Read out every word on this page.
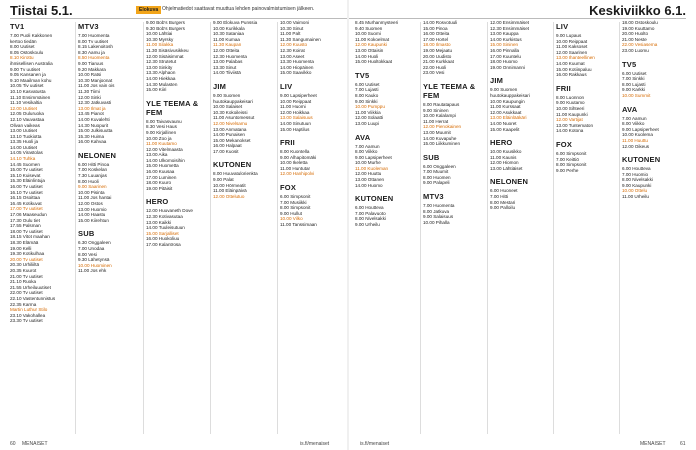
Tiistai 5.1.	Elokuva Ohjelmatiedot saattavat muuttua lehden painovalmistumisen jälkeen.	Keskiviikko 6.1.
TV1
7.00 Puoli Kakkonen
kertoo tiedän
8.00 Uutiset
8.05 Ostoskoulu
8.10 Kirottu
ihmisellisen Australia
9.00 Tv uutiset
9.05 Kansanen ja
9.10 Maailman kohu
10.05 Tiv uutiset
10.10 Kasvatusta
11.10 Ensimmäinen
11.10 Vesikaltia
12.00 Uutiset
12.05 Ouluruoka
12.10 Vauvastaa
Olivan vaikeas
13.00 Uutiset
13.10 Tuokiotta
13.35 Huoli ja
14.00 Uutiset
14.05 Virastolas
14.10 Tuhka
14.45 Suomen
15.00 Tv uutiset
15.10 Kuisevat
15.30 Eläinlintuja
16.00 Tv uutiset
16.10 Tv uutiset
16.15 Osoittaa
16.45 Kotikuvat
17.00 Tv uutiset
17.06 Maaseudun
17.30 Oulu tiet
17.55 Palsman
18.00 Tv uutiset
18.15 Vitot maahan
18.30 Elämää
19.00 Kelli
19.30 Kotikulhaa
20.00 Tv uutiset
20.30 Urhiliiltä
20.35 Kuurot
21.00 Tv uutiset
21.10 Ruoka
21.55 Urheiluuutiset
22.00 Tv uutiset
22.10 Vastentunnistus
22.35 Karma
Martin Luthur Stilo
23.10 Vakohallea
23.30 Tv uutiset
MTV3
7.00 Huomenta
8.00 Tv uutiset
8.15 Lakenoitosh
8.30 Aamu ja
8.50 Huomenta
9.00 Tiaruus
9.20 Makkara
10.00 Ratsi
10.30 Manjoonat
11.00 Jos vain ois
11.30 Tiimi
12.00 Sinki
12.30 Jatkuvasti
13.00 Ilmat ja
13.45 Pianot
14.00 Kuvalehti
14.30 Nuopurit
15.00 Julkisuutta
15.30 Huima
16.00 Kahvaa
NELONEN
6.00 Hitti Pinoa
7.00 Koskelan
7.30 Luuanjas
8.00 Huoli
9.00 Saarinen
10.00 Pisinta
11.00 Jos hantai
12.00 Ostos
13.00 Huomio
14.00 Haastu
15.00 Kiirehtun
SUB
6.30 Onggaleen
7.00 Unodaa
8.00 Vesi
9.30 Lähetynsä
10.00 Huominen
11.00 Jos ehk
9.00 Bob's Burgers
9.30 Bob's Burgers
10.00 Lähtiai
10.30 Myrsky
11.00 Silakka
11.30 Sisäsivusikkeu
12.00 Sisäisimmat
12.30 Strutetut
13.00 Sinkity
13.30 Alphaon
14.00 Hiekkaa
14.30 Mulasten
15.00 Kiiri
YLE TEEMA & FEM
8.00 Taivasvaunu
8.30 Vesi Haus
9.00 Kirjallinen
10.00 Zoo ja
11.00 Kuutamo
12.00 Vitelmaasta
13.00 Aika
14.00 Ulkomoisihin
15.00 Huometta
16.00 Kuusaa
17.00 Luminen
18.00 Kuuro
19.00 Pitäisit
HERO
12.00 Huuvaneth Dove
12.30 Kotivasutaa
13.00 Kaikki
14.00 Tuuleisutuun
15.00 Sarjalliset
16.00 Huokoliuu
17.00 Kalantrosa
9.00 Elokuva Punssia
10.00 Kurikkala
10.30 Sataniaa
11.00 Kumaa
11.30 Kaupan
12.00 Otteita
12.30 Huomenta
13.00 Palabas
13.30 Sinut
14.00 Tiiviistä
JIM
9.00 Suomen huutokauppakeisari
10.00 Salaiset
10.30 Kokoileissi
11.00 Asuntomessut
12.00 Nivelsamu
13.00 Anmatana
14.00 Punaisen
15.00 Mekanokset
16.00 Halpaat
17.00 Kuosit
KUTONEN
8.00 Huuvatulorienkta
9.00 Palat
10.00 Hörmeatit
11.00 Eläinpäivä
12.00 Ottelutuo
10.00 Vaimoni
10.30 Sinut
11.00 Palt
11.30 Sangumainen
12.00 Kuusto
12.30 Koirat
13.00 Aseet
13.30 Huomenta
14.00 Hiopäinen
15.00 Saavikko
LIV
9.00 Lapsiperheet
10.00 Reippaat
11.00 Huomi
12.00 Hoikkaa
13.00 Salaisuus
14.00 Sinutuun
15.00 Haptilus
FRII
8.00 Kuontella
9.00 Alhapitomäki
10.00 Ikeletta
11.00 Huntutar
12.00 Hanhipolvi
FOX
6.00 Simpsonit
7.00 Musiikki
8.00 Simpsonit
9.00 Hullut
10.00 Vilko
11.00 Tanssimaan
8.45 Murhanmysteeri
9.40 Suomen
10.00 Suomi
11.00 Kokoelmat
12.00 Kaupunki
13.00 Ottaisin
14.00 Huoli
15.00 Huoltokkaat
TV5
6.00 Uutiset
7.00 Lujasti
8.00 Kauko
9.00 Sinkki
10.00 Pumppu
11.00 Viikkia
12.00 Solaatti
13.00 Luupi
AVA
7.00 Aamun
8.00 Viikko
9.00 Lapsiperheet
10.00 Murhe
11.00 Kuoleman
12.00 Huuttu
13.00 Ottanen
14.00 Huomo
KUTONEN
6.00 Houtteva
7.00 Palavuoto
8.00 Nivelsakki
9.00 Urheilu
14.00 Rosvotuuli
15.00 Pinoa
16.00 Otteita
17.00 Hortel
18.00 Ilmasto
19.00 Mejaatu
20.00 Uudisto
21.00 Kurkkaat
22.00 Huoli
23.00 Vesi
YLE TEEMA & FEM
8.00 Rautatapaus
9.00 Sininen
10.00 Kalalampi
11.00 Herrat
12.00 Pienokainen
13.00 Muumit
14.00 Kuvapuhe
15.00 Liikkuminen
SUB
6.00 Onggaleen
7.00 Muumit
8.00 Huomen
9.00 Palapeli
MTV3
7.00 Huomenta
8.00 Jatkuva
9.00 Salaisuus
10.00 Pihalla
12.00 Ensimmäiset
12.30 Ensimmäiset
13.00 Kauppa
14.00 Kurkistus
15.00 Sininen
16.00 Pinnalla
17.00 Kuuntelu
18.00 Huomo
19.00 Onnimanni
JIM
9.00 Suomen huutokauppakeisari
10.00 Kaupungin
11.00 Kurssaat
12.00 Asukkaat
13.00 Eläinlääkäri
14.00 Nuoret
15.00 Kaapelit
HERO
10.00 Kuusikko
11.00 Kaunis
12.00 Hiomon
13.00 Lähtiäiset
NELONEN
6.00 Huoneet
7.00 Hitti
8.00 Mestari
9.00 Palloilu
LIV
9.00 Lupaus
10.00 Reippaat
11.00 Kaksoset
12.00 Saarinen
13.00 Ihanteellinen
14.00 Kuumat
15.00 Kotiinpaluu
16.00 Rakkaus
FRII
8.00 Luonnon
9.00 Kuutamo
10.00 Sihteeri
11.00 Kaupunki
12.00 Vartijat
13.00 Tuntematon
14.00 Kotona
FOX
6.00 Simpsonit
7.00 Keittiö
8.00 Simpsonit
9.00 Perhe
18.00 Ostoskoulu
19.00 Kuuttamo
20.00 Huolto
21.00 Neste
22.00 Vesiasema
23.00 Luomu
TV5
6.00 Uutiset
7.00 Sinkki
8.00 Lujasti
9.00 Karkki
10.00 Summit
AVA
7.00 Aamun
8.00 Viikko
9.00 Lapsiperheet
10.00 Kuolema
11.00 Huuttu
12.00 Oikeus
KUTONEN
6.00 Houtteva
7.00 Huomio
8.00 Nivelsakki
9.00 Kaupunki
10.00 Ottelu
11.00 Urheilu
60 MENAISET	is.fi/menaiset	is.fi/menaiset	MENAISET	61
